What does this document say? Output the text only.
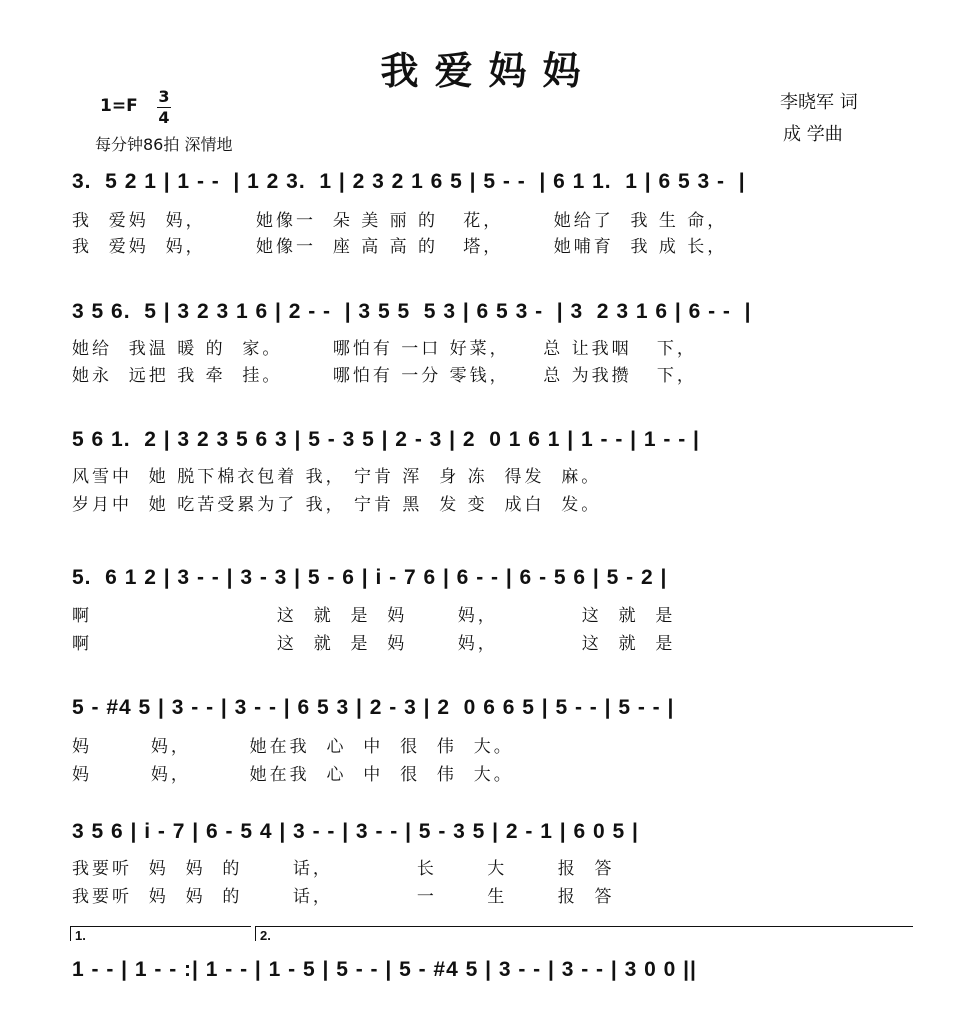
我爱妈妈
1=F 3
4
每分钟86拍 深情地
李晓军 词
成 学曲
3.  5 2 1 | 1 - -  | 1 2 3.  1 | 2 3 2 1 6 5 | 5 - -  | 6 1 1.  1 | 6 5 3 -  |
我  爱妈  妈，      她像一  朵 美 丽 的   花，      她给了  我 生 命，
我  爱妈  妈，      她像一  座 高 高 的   塔，      她哺育  我 成 长，
3 5 6.  5 | 3 2 3 1 6 | 2 - -  | 3 5 5  5 3 | 6 5 3 -  | 3  2 3 1 6 | 6 - -  |
她给  我温 暖 的  家。      哪怕有 一口 好菜，    总 让我咽   下，
她永  远把 我 牵  挂。      哪怕有 一分 零钱，    总 为我攒   下，
5 6 1.  2 | 3 2 3 5 6 3 | 5 - 3 5 | 2 - 3 | 2  0 1 6 1 | 1 - - | 1 - - |
风雪中  她 脱下棉衣包着 我， 宁肯 浑  身 冻  得发  麻。
岁月中  她 吃苦受累为了 我， 宁肯 黑  发 变  成白  发。
5.  6 1 2 | 3 - - | 3 - 3 | 5 - 6 | i - 7 6 | 6 - - | 6 - 5 6 | 5 - 2 |
啊                      这  就  是  妈      妈，          这  就  是
啊                      这  就  是  妈      妈，          这  就  是
5 - #4 5 | 3 - - | 3 - - | 6 5 3 | 2 - 3 | 2  0 6 6 5 | 5 - - | 5 - - |
妈       妈，       她在我  心  中  很  伟  大。
妈       妈，       她在我  心  中  很  伟  大。
3 5 6 | i - 7 | 6 - 5 4 | 3 - - | 3 - - | 5 - 3 5 | 2 - 1 | 6 0 5 |
我要听  妈  妈  的      话，          长      大      报  答
我要听  妈  妈  的      话，          一      生      报  答
1.	2.
1 - - | 1 - - :| 1 - - | 1 - 5 | 5 - - | 5 - #4 5 | 3 - - | 3 - - | 3 0 0 ||
